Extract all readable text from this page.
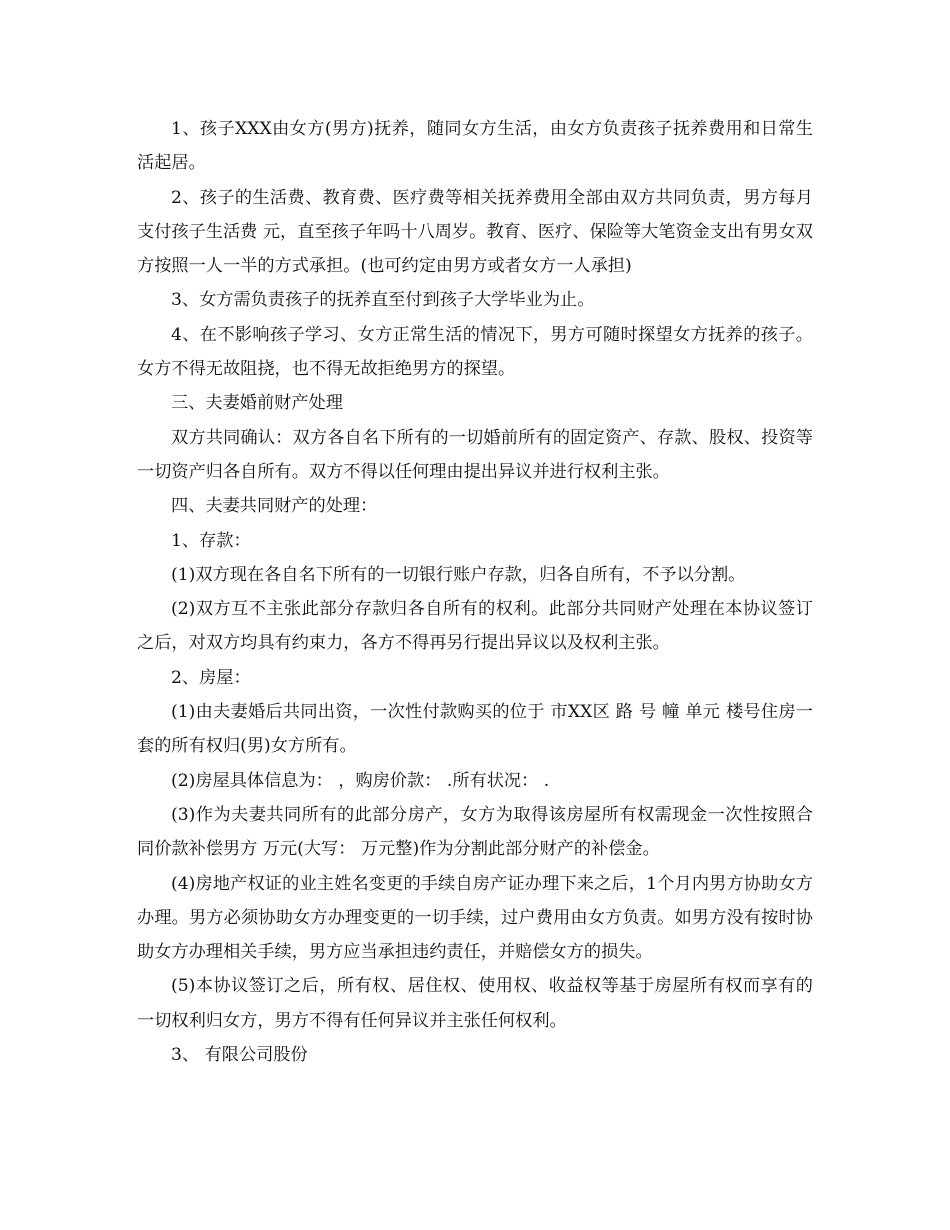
1、孩子XXX由女方(男方)抚养，随同女方生活，由女方负责孩子抚养费用和日常生活起居。

2、孩子的生活费、教育费、医疗费等相关抚养费用全部由双方共同负责，男方每月支付孩子生活费 元，直至孩子年吗十八周岁。教育、医疗、保险等大笔资金支出有男女双方按照一人一半的方式承担。(也可约定由男方或者女方一人承担)

3、女方需负责孩子的抚养直至付到孩子大学毕业为止。

4、在不影响孩子学习、女方正常生活的情况下，男方可随时探望女方抚养的孩子。女方不得无故阻挠，也不得无故拒绝男方的探望。

三、夫妻婚前财产处理

双方共同确认：双方各自名下所有的一切婚前所有的固定资产、存款、股权、投资等一切资产归各自所有。双方不得以任何理由提出异议并进行权利主张。

四、夫妻共同财产的处理：

1、存款：

(1)双方现在各自名下所有的一切银行账户存款，归各自所有，不予以分割。

(2)双方互不主张此部分存款归各自所有的权利。此部分共同财产处理在本协议签订之后，对双方均具有约束力，各方不得再另行提出异议以及权利主张。

2、房屋：

(1)由夫妻婚后共同出资，一次性付款购买的位于 市XX区 路 号 幢 单元 楼号住房一套的所有权归(男)女方所有。

(2)房屋具体信息为： ，购房价款： .所有状况： .

(3)作为夫妻共同所有的此部分房产，女方为取得该房屋所有权需现金一次性按照合同价款补偿男方 万元(大写： 万元整)作为分割此部分财产的补偿金。

(4)房地产权证的业主姓名变更的手续自房产证办理下来之后，1个月内男方协助女方办理。男方必须协助女方办理变更的一切手续，过户费用由女方负责。如男方没有按时协助女方办理相关手续，男方应当承担违约责任，并赔偿女方的损失。

(5)本协议签订之后，所有权、居住权、使用权、收益权等基于房屋所有权而享有的一切权利归女方，男方不得有任何异议并主张任何权利。

3、 有限公司股份
